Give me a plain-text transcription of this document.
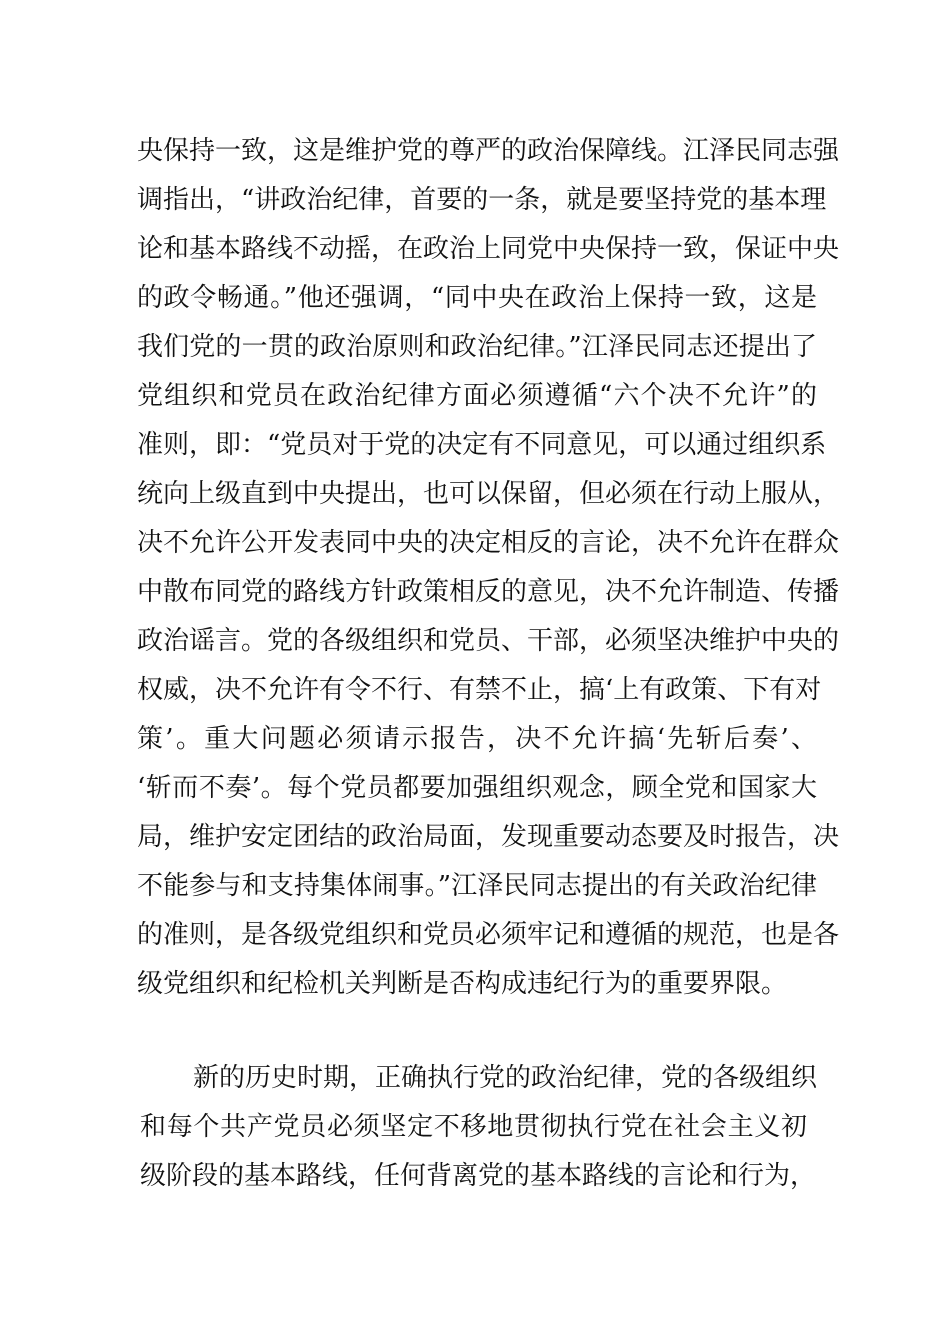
央保持一致，这是维护党的尊严的政治保障线。江泽民同志强
调指出，“讲政治纪律，首要的一条，就是要坚持党的基本理
论和基本路线不动摇，在政治上同党中央保持一致，保证中央
的政令畅通。”他还强调，“同中央在政治上保持一致，这是
我们党的一贯的政治原则和政治纪律。”江泽民同志还提出了
党组织和党员在政治纪律方面必须遵循“六个决不允许”的
准则，即：“党员对于党的决定有不同意见，可以通过组织系
统向上级直到中央提出，也可以保留，但必须在行动上服从，
决不允许公开发表同中央的决定相反的言论，决不允许在群众
中散布同党的路线方针政策相反的意见，决不允许制造、传播
政治谣言。党的各级组织和党员、干部，必须坚决维护中央的
权威，决不允许有令不行、有禁不止，搞‘上有政策、下有对
策’。重大问题必须请示报告，决不允许搞‘先斩后奏’、
‘斩而不奏’。每个党员都要加强组织观念，顾全党和国家大
局，维护安定团结的政治局面，发现重要动态要及时报告，决
不能参与和支持集体闹事。”江泽民同志提出的有关政治纪律
的准则，是各级党组织和党员必须牢记和遵循的规范，也是各
级党组织和纪检机关判断是否构成违纪行为的重要界限。
新的历史时期，正确执行党的政治纪律，党的各级组织
和每个共产党员必须坚定不移地贯彻执行党在社会主义初
级阶段的基本路线，任何背离党的基本路线的言论和行为，
